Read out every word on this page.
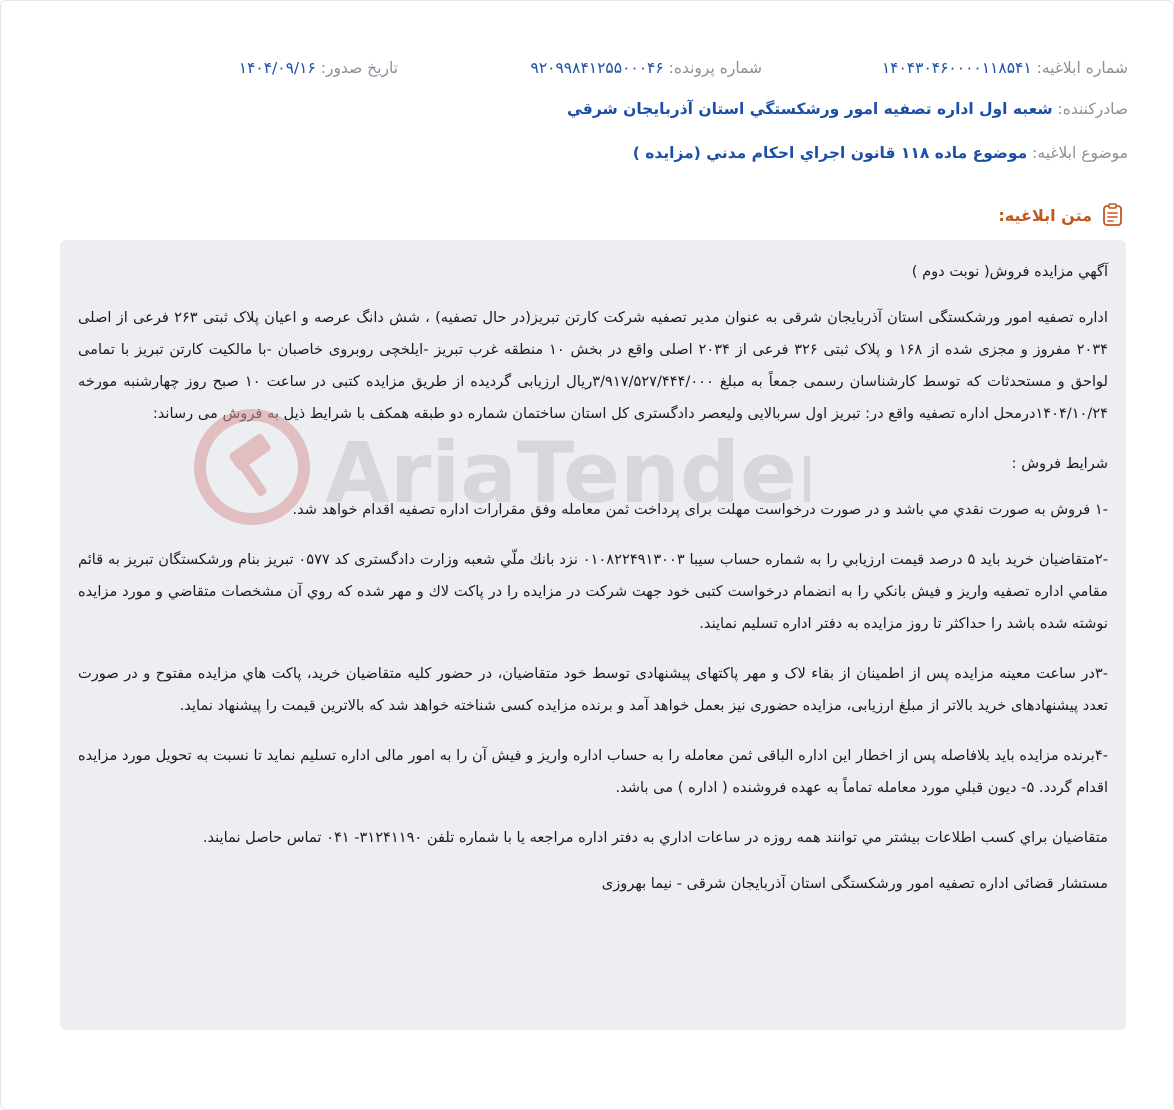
شماره ابلاغيه: ۱۴۰۴۳۰۴۶۰۰۰۰۱۱۸۵۴۱
شماره پرونده: ۹۲۰۹۹۸۴۱۲۵۵۰۰۰۴۶
تاريخ صدور: ۱۴۰۴/۰۹/۱۶
صادرکننده: شعبه اول اداره تصفيه امور ورشکستگي استان آذربايجان شرقي
موضوع ابلاغيه: موضوع ماده ۱۱۸ قانون اجراي احکام مدني (مزايده )
متن ابلاغيه:

آگهي مزايده فروش( نوبت دوم )

اداره تصفیه امور ورشکستگی استان آذربایجان شرقی به عنوان مدیر تصفیه شرکت کارتن تبریز(در حال تصفیه) ، شش دانگ عرصه و اعیان پلاک ثبتی ۲۶۳ فرعی از اصلی ۲۰۳۴ مفروز و مجزی شده از ۱۶۸ و پلاک ثبتی ۳۲۶ فرعی از ۲۰۳۴ اصلی واقع در بخش ۱۰ منطقه غرب تبریز -ایلخچی روبروی خاصبان -با مالکیت کارتن تبریز با تمامی لواحق و مستحدثات که توسط کارشناسان رسمی جمعاً به مبلغ ۳/۹۱۷/۵۲۷/۴۴۴/۰۰۰ریال ارزیابی گردیده از طریق مزایده کتبی در ساعت ۱۰ صبح روز چهارشنبه مورخه ۱۴۰۴/۱۰/۲۴درمحل اداره تصفیه واقع در: تبریز اول سربالایی ولیعصر دادگستری کل استان ساختمان شماره دو طبقه همکف با شرایط ذیل به فروش می رساند:

شرايط فروش :

-۱ فروش به صورت نقدي مي باشد و در صورت درخواست مهلت براى پرداخت ثمن معامله وفق مقرارات اداره تصفيه اقدام خواهد شد.

-۲متقاضيان خريد بايد ۵ درصد قيمت ارزيابي را به شماره حساب سيبا ۰۱۰۸۲۲۴۹۱۳۰۰۳ نزد بانك ملّي شعبه وزارت دادگستری کد ۰۵۷۷ تبريز بنام ورشکستگان تبريز به قائم مقامي اداره تصفيه واريز و فيش بانكي را به انضمام درخواست کتبی خود جهت شركت در مزايده را در پاكت لاك و مهر شده كه روي آن مشخصات متقاضي و مورد مزايده نوشته شده باشد را حداكثر تا روز مزايده به دفتر اداره تسليم نمايند.

-۳در ساعت معينه مزايده پس از اطمينان از بقاء لاک و مهر پاکتهای پيشنهادی توسط خود متقاضيان، در حضور كليه متقاضيان خريد، پاكت هاي مزايده مفتوح و در صورت تعدد پيشنهادهای خريد بالاتر از مبلغ ارزيابی، مزايده حضوری نيز بعمل خواهد آمد و برنده مزايده کسی شناخته خواهد شد كه بالاترين قيمت را پيشنهاد نمايد.

-۴برنده مزايده بايد بلافاصله پس از اخطار اين اداره الباقى ثمن معامله را به حساب اداره واريز و فيش آن را به امور مالى اداره تسليم نمايد تا نسبت به تحويل مورد مزايده اقدام گردد. ۵- ديون قبلي مورد معامله تماماً به عهده فروشنده ( اداره ) مى باشد.

متقاضيان براي كسب اطلاعات بيشتر مي توانند همه روزه در ساعات اداري به دفتر اداره مراجعه يا با شماره تلفن ۳۱۲۴۱۱۹۰- ۰۴۱ تماس حاصل نمايند.

مستشار قضائی اداره تصفيه امور ورشکستگی استان آذربايجان شرقی - نيما بهروزی

AriaTende
